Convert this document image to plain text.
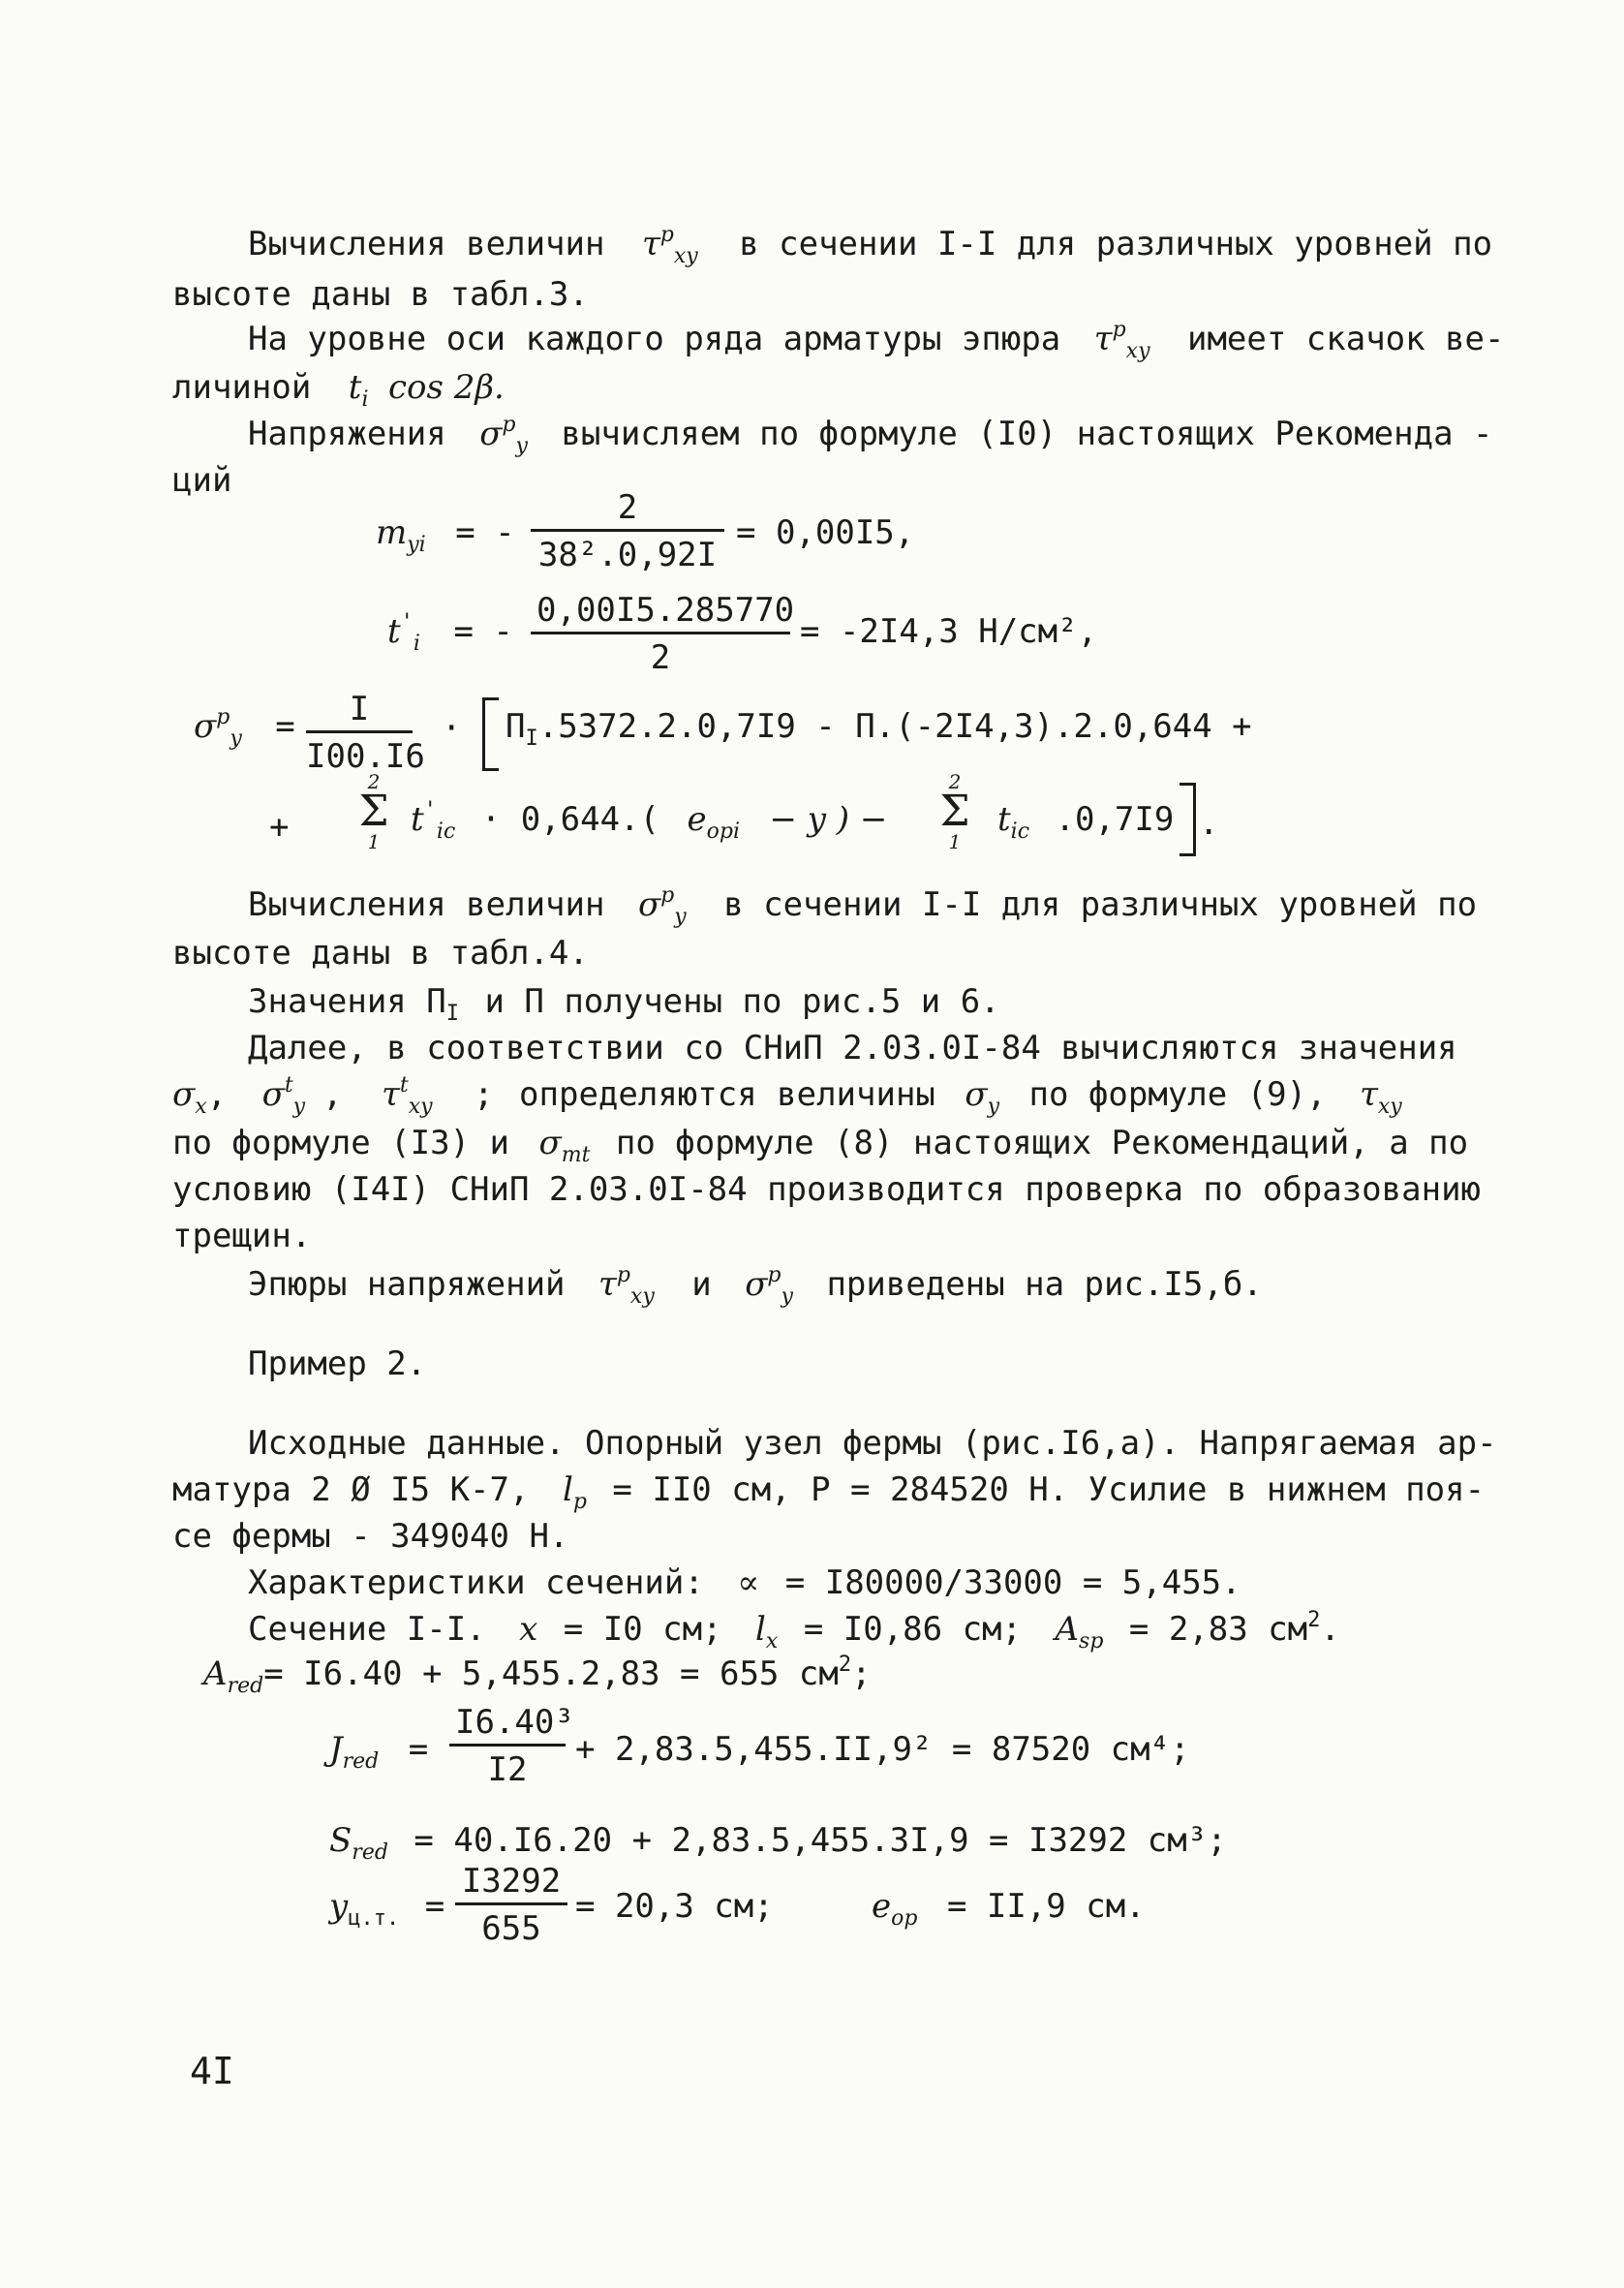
Вычисления величин $\tau^p_{xy}$ в сечении I-I для различных уровней по
высоте даны в табл.3.
На уровне оси каждого ряда арматуры эпюра $\tau^p_{xy}$ имеет скачок ве-
личиной $t_i$ cos 2β.
Напряжения $\sigma^p_y$ вычисляем по формуле (I0) настоящих Рекоменда -
ций
$m_{yi}$ = - $\frac{2}{\text{38².0,92I}} = 0,00I5$,
$t'_i$ = - $\frac{0,00I5.285770}{2} = -2I4,3$ Н/см²,
$\sigma^p_y = \frac{I}{I00.I6} \cdot П_I.5372.2.0,7I9 - П.(-2I4,3).2.0,644$ +
+
2
Σ
1
$t'_{ic} \cdot 0,644$.( $e_{opi} - y$ ) −
2
Σ
1
$t_{ic}$ .0,7I9 .
Вычисления величин $\sigma^p_y$ в сечении I-I для различных уровней по
высоте даны в табл.4.
Значения $П_I$ и П получены по рис.5 и 6.
Далее, в соответствии со СНиП 2.03.0I-84 вычисляются значения
$\sigma_x$, $\sigma^t_y$ , $\tau^t_{xy}$ ; определяются величины $\sigma_y$ по формуле (9), $\tau_{xy}$
по формуле (I3) и $\sigma_{mt}$ по формуле (8) настоящих Рекомендаций, а по
условию (I4I) СНиП 2.03.0I-84 производится проверка по образованию
трещин.
Эпюры напряжений $\tau^p_{xy}$ и $\sigma^p_y$ приведены на рис.I5,б.
Пример 2.
Исходные данные. Опорный узел фермы (рис.I6,а). Напрягаемая ар-
матура 2 Ø I5 К-7, $l_p = II0$ см, P = 284520 Н. Усилие в нижнем поя-
се фермы - 349040 Н.
Характеристики сечений: ∝ = I80000/33000 = 5,455.
Сечение I-I. x = I0 см; $l_x = I0,86$ см; $A_{sp} = 2,83$ $см^2$.
$A_{red}= I6.40 + 5,455.2,83 = 655$ $см^2$;
$J_{red} = \frac{\text{I6.40³}}{I2} + 2,83.5,455.II,9^2 = 87520$ см⁴;
$S_{red} = 40.I6.20 + 2,83.5,455.3I,9 = I3292$ см³;
$y_{ц.т.} = \frac{I3292}{655} = 20,3$ см;	$e_{op} = II,9$ см.
4I
